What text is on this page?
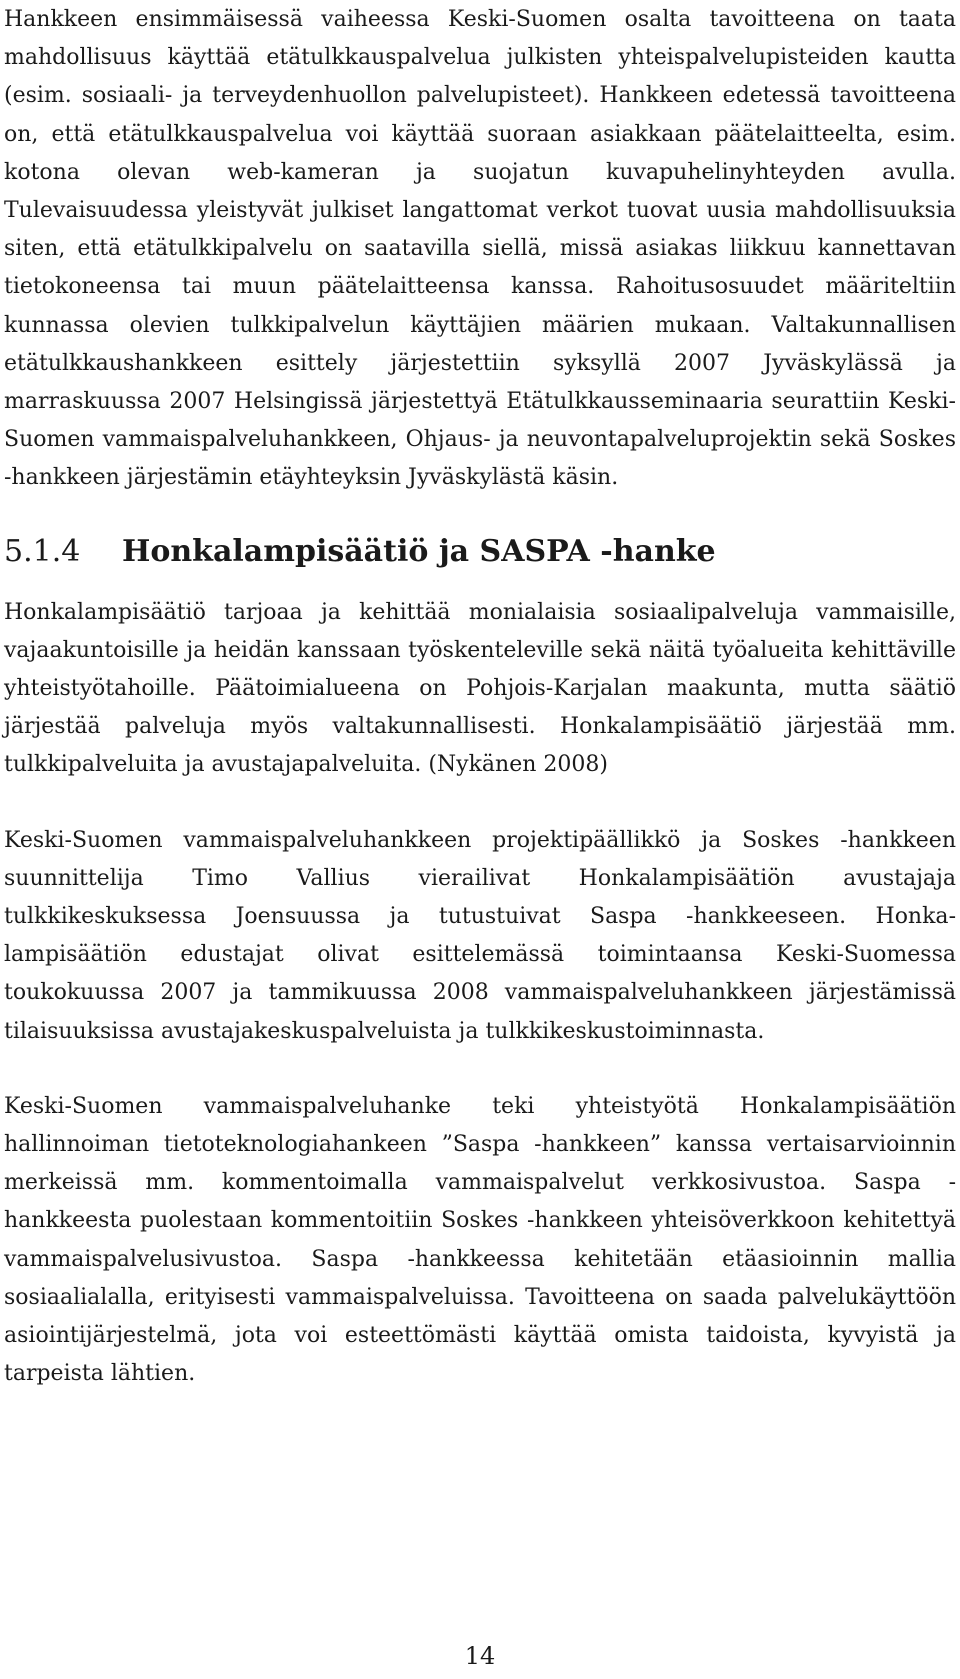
Hankkeen ensimmäisessä vaiheessa Keski-Suomen osalta tavoitteena on taata mahdollisuus käyttää etätulkkauspalvelua julkisten yhteispalvelupisteiden kautta (esim. sosiaali- ja terveydenhuollon palvelupisteet). Hankkeen edetessä tavoitteena on, että etätulkkauspalvelua voi käyttää suoraan asiakkaan päätelaitteelta, esim. kotona olevan web-kameran ja suojatun kuvapuhelinyhteyden avulla. Tulevaisuudessa yleistyvät julkiset langattomat verkot tuovat uusia mahdollisuuksia siten, että etätulkkipalvelu on saatavilla siellä, missä asiakas liikkuu kannettavan tietokoneensa tai muun päätelaitteensa kanssa. Rahoitusosuudet määriteltiin kunnassa olevien tulkkipalvelun käyttäjien määrien mukaan. Valtakunnallisen etätulkkaushankkeen esittely järjestettiin syksyllä 2007 Jyväskylässä ja marraskuussa 2007 Helsingissä järjestettyä Etätulkkausseminaaria seurattiin Keski-Suomen vammaispalveluhankkeen, Ohjaus- ja neuvontapalveluprojektin sekä Soskes -hankkeen järjestämin etäyhteyksin Jyväskylästä käsin.

5.1.4	Honkalampisäätiö ja SASPA -hanke

Honkalampisäätiö tarjoaa ja kehittää monialaisia sosiaalipalveluja vammaisille, vajaakuntoisille ja heidän kanssaan työskenteleville sekä näitä työalueita kehittäville yhteistyötahoille. Päätoimialueena on Pohjois-Karjalan maakunta, mutta säätiö järjestää palveluja myös valtakunnallisesti. Honkalampisäätiö järjestää mm. tulkkipalveluita ja avustajapalveluita. (Nykänen 2008)

Keski-Suomen vammaispalveluhankkeen projektipäällikkö ja Soskes -hankkeen suunnittelija Timo Vallius vierailivat Honkalampisäätiön avustajaja tulkkikeskuksessa Joensuussa ja tutustuivat Saspa -hankkeeseen. Honkalampisäätiön edustajat olivat esittelemässä toimintaansa Keski-Suomessa toukokuussa 2007 ja tammikuussa 2008 vammaispalveluhankkeen järjestämissä tilaisuuksissa avustajakeskuspalveluista ja tulkkikeskustoiminnasta.

Keski-Suomen vammaispalveluhanke teki yhteistyötä Honkalampisäätiön hallinnoiman tietoteknologiahankeen ”Saspa -hankkeen” kanssa vertaisarvioinnin merkeissä mm. kommentoimalla vammaispalvelut verkkosivustoa. Saspa -hankkeesta puolestaan kommentoitiin Soskes -hankkeen yhteisöverkkoon kehitettyä vammaispalvelusivustoa. Saspa -hankkeessa kehitetään etäasioinnin mallia sosiaalialalla, erityisesti vammaispalveluissa. Tavoitteena on saada palvelukäyttöön asiointijärjestelmä, jota voi esteettömästi käyttää omista taidoista, kyvyistä ja tarpeista lähtien.

14
